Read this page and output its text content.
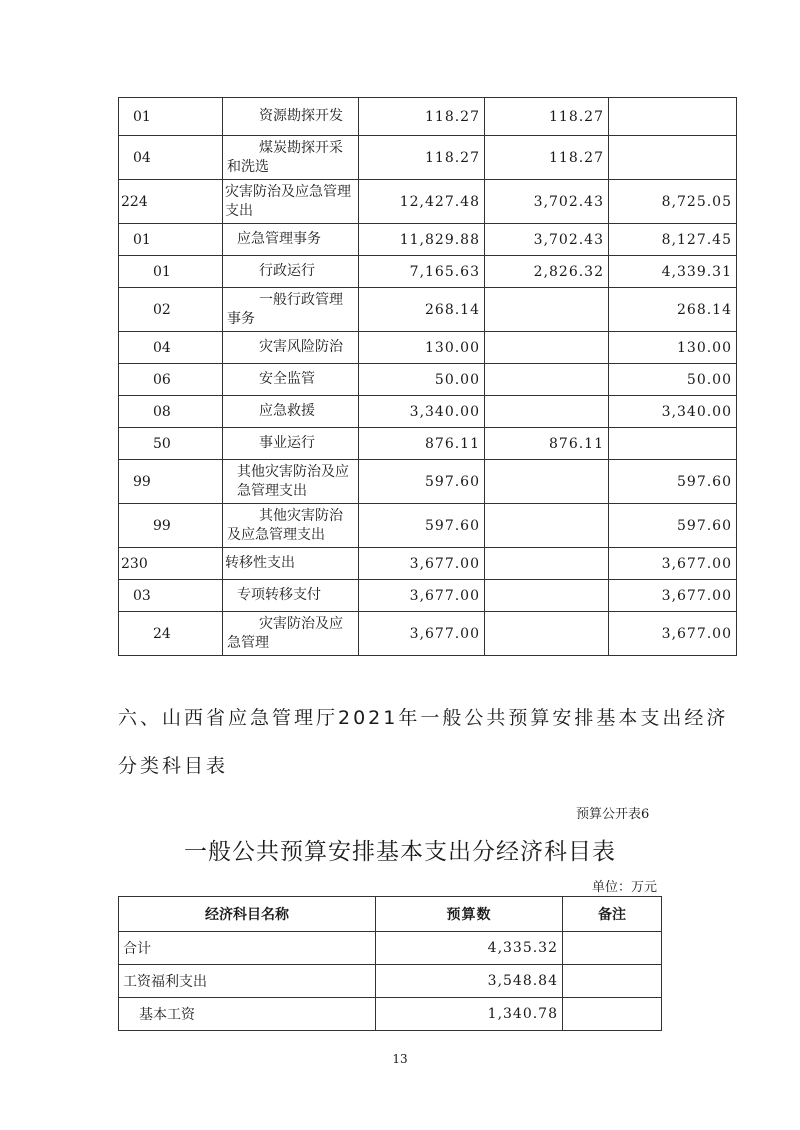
01	资源勘探开发	118.27	118.27	
04	煤炭勘探开采和洗选	118.27	118.27	
224	灾害防治及应急管理支出	12,427.48	3,702.43	8,725.05
01	应急管理事务	11,829.88	3,702.43	8,127.45
01	行政运行	7,165.63	2,826.32	4,339.31
02	一般行政管理事务	268.14		268.14
04	灾害风险防治	130.00		130.00
06	安全监管	50.00		50.00
08	应急救援	3,340.00		3,340.00
50	事业运行	876.11	876.11	
99	其他灾害防治及应急管理支出	597.60		597.60
99	其他灾害防治及应急管理支出	597.60		597.60
230	转移性支出	3,677.00		3,677.00
03	专项转移支付	3,677.00		3,677.00
24	灾害防治及应急管理	3,677.00		3,677.00
六、山西省应急管理厅2021年一般公共预算安排基本支出经济分类科目表
预算公开表6
一般公共预算安排基本支出分经济科目表
单位：万元
经济科目名称	预算数	备注
合计	4,335.32	
工资福利支出	3,548.84	
基本工资	1,340.78	
13
